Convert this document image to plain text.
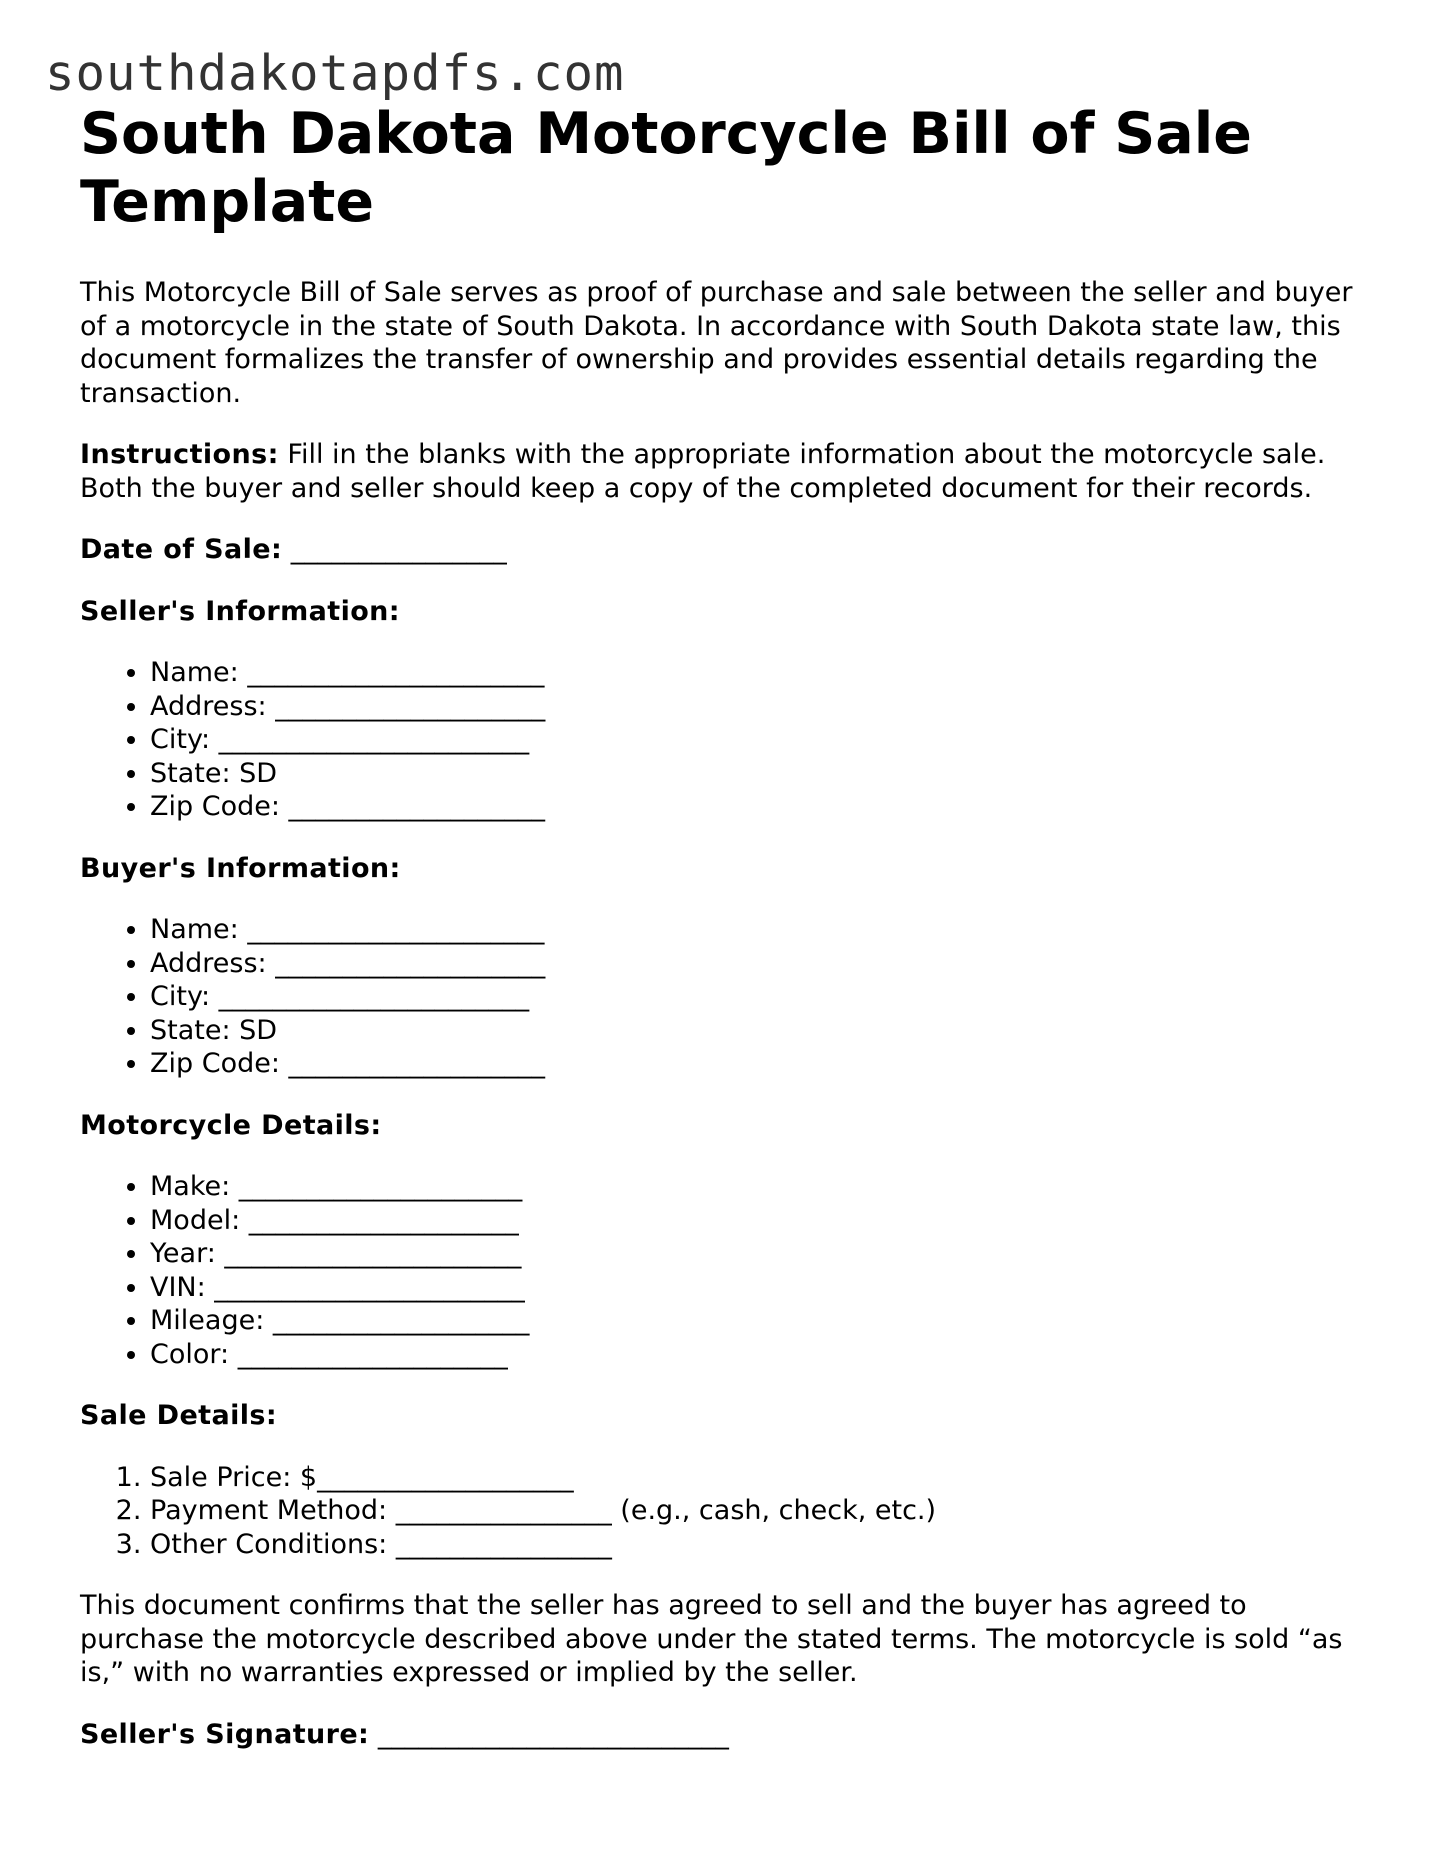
southdakotapdfs.com
South Dakota Motorcycle Bill of Sale Template

This Motorcycle Bill of Sale serves as proof of purchase and sale between the seller and buyer of a motorcycle in the state of South Dakota. In accordance with South Dakota state law, this document formalizes the transfer of ownership and provides essential details regarding the transaction.

Instructions: Fill in the blanks with the appropriate information about the motorcycle sale. Both the buyer and seller should keep a copy of the completed document for their records.

Date of Sale: ________________

Seller's Information:
• Name: ______________________
• Address: ____________________
• City: _______________________
• State: SD
• Zip Code: ___________________
Buyer's Information:
• Name: ______________________
• Address: ____________________
• City: _______________________
• State: SD
• Zip Code: ___________________
Motorcycle Details:
• Make: _____________________
• Model: ____________________
• Year: ______________________
• VIN: _______________________
• Mileage: ___________________
• Color: ____________________
Sale Details:
1. Sale Price: $___________________
2. Payment Method: ________________ (e.g., cash, check, etc.)
3. Other Conditions: ________________

This document confirms that the seller has agreed to sell and the buyer has agreed to purchase the motorcycle described above under the stated terms. The motorcycle is sold “as is,” with no warranties expressed or implied by the seller.

Seller's Signature: __________________________
